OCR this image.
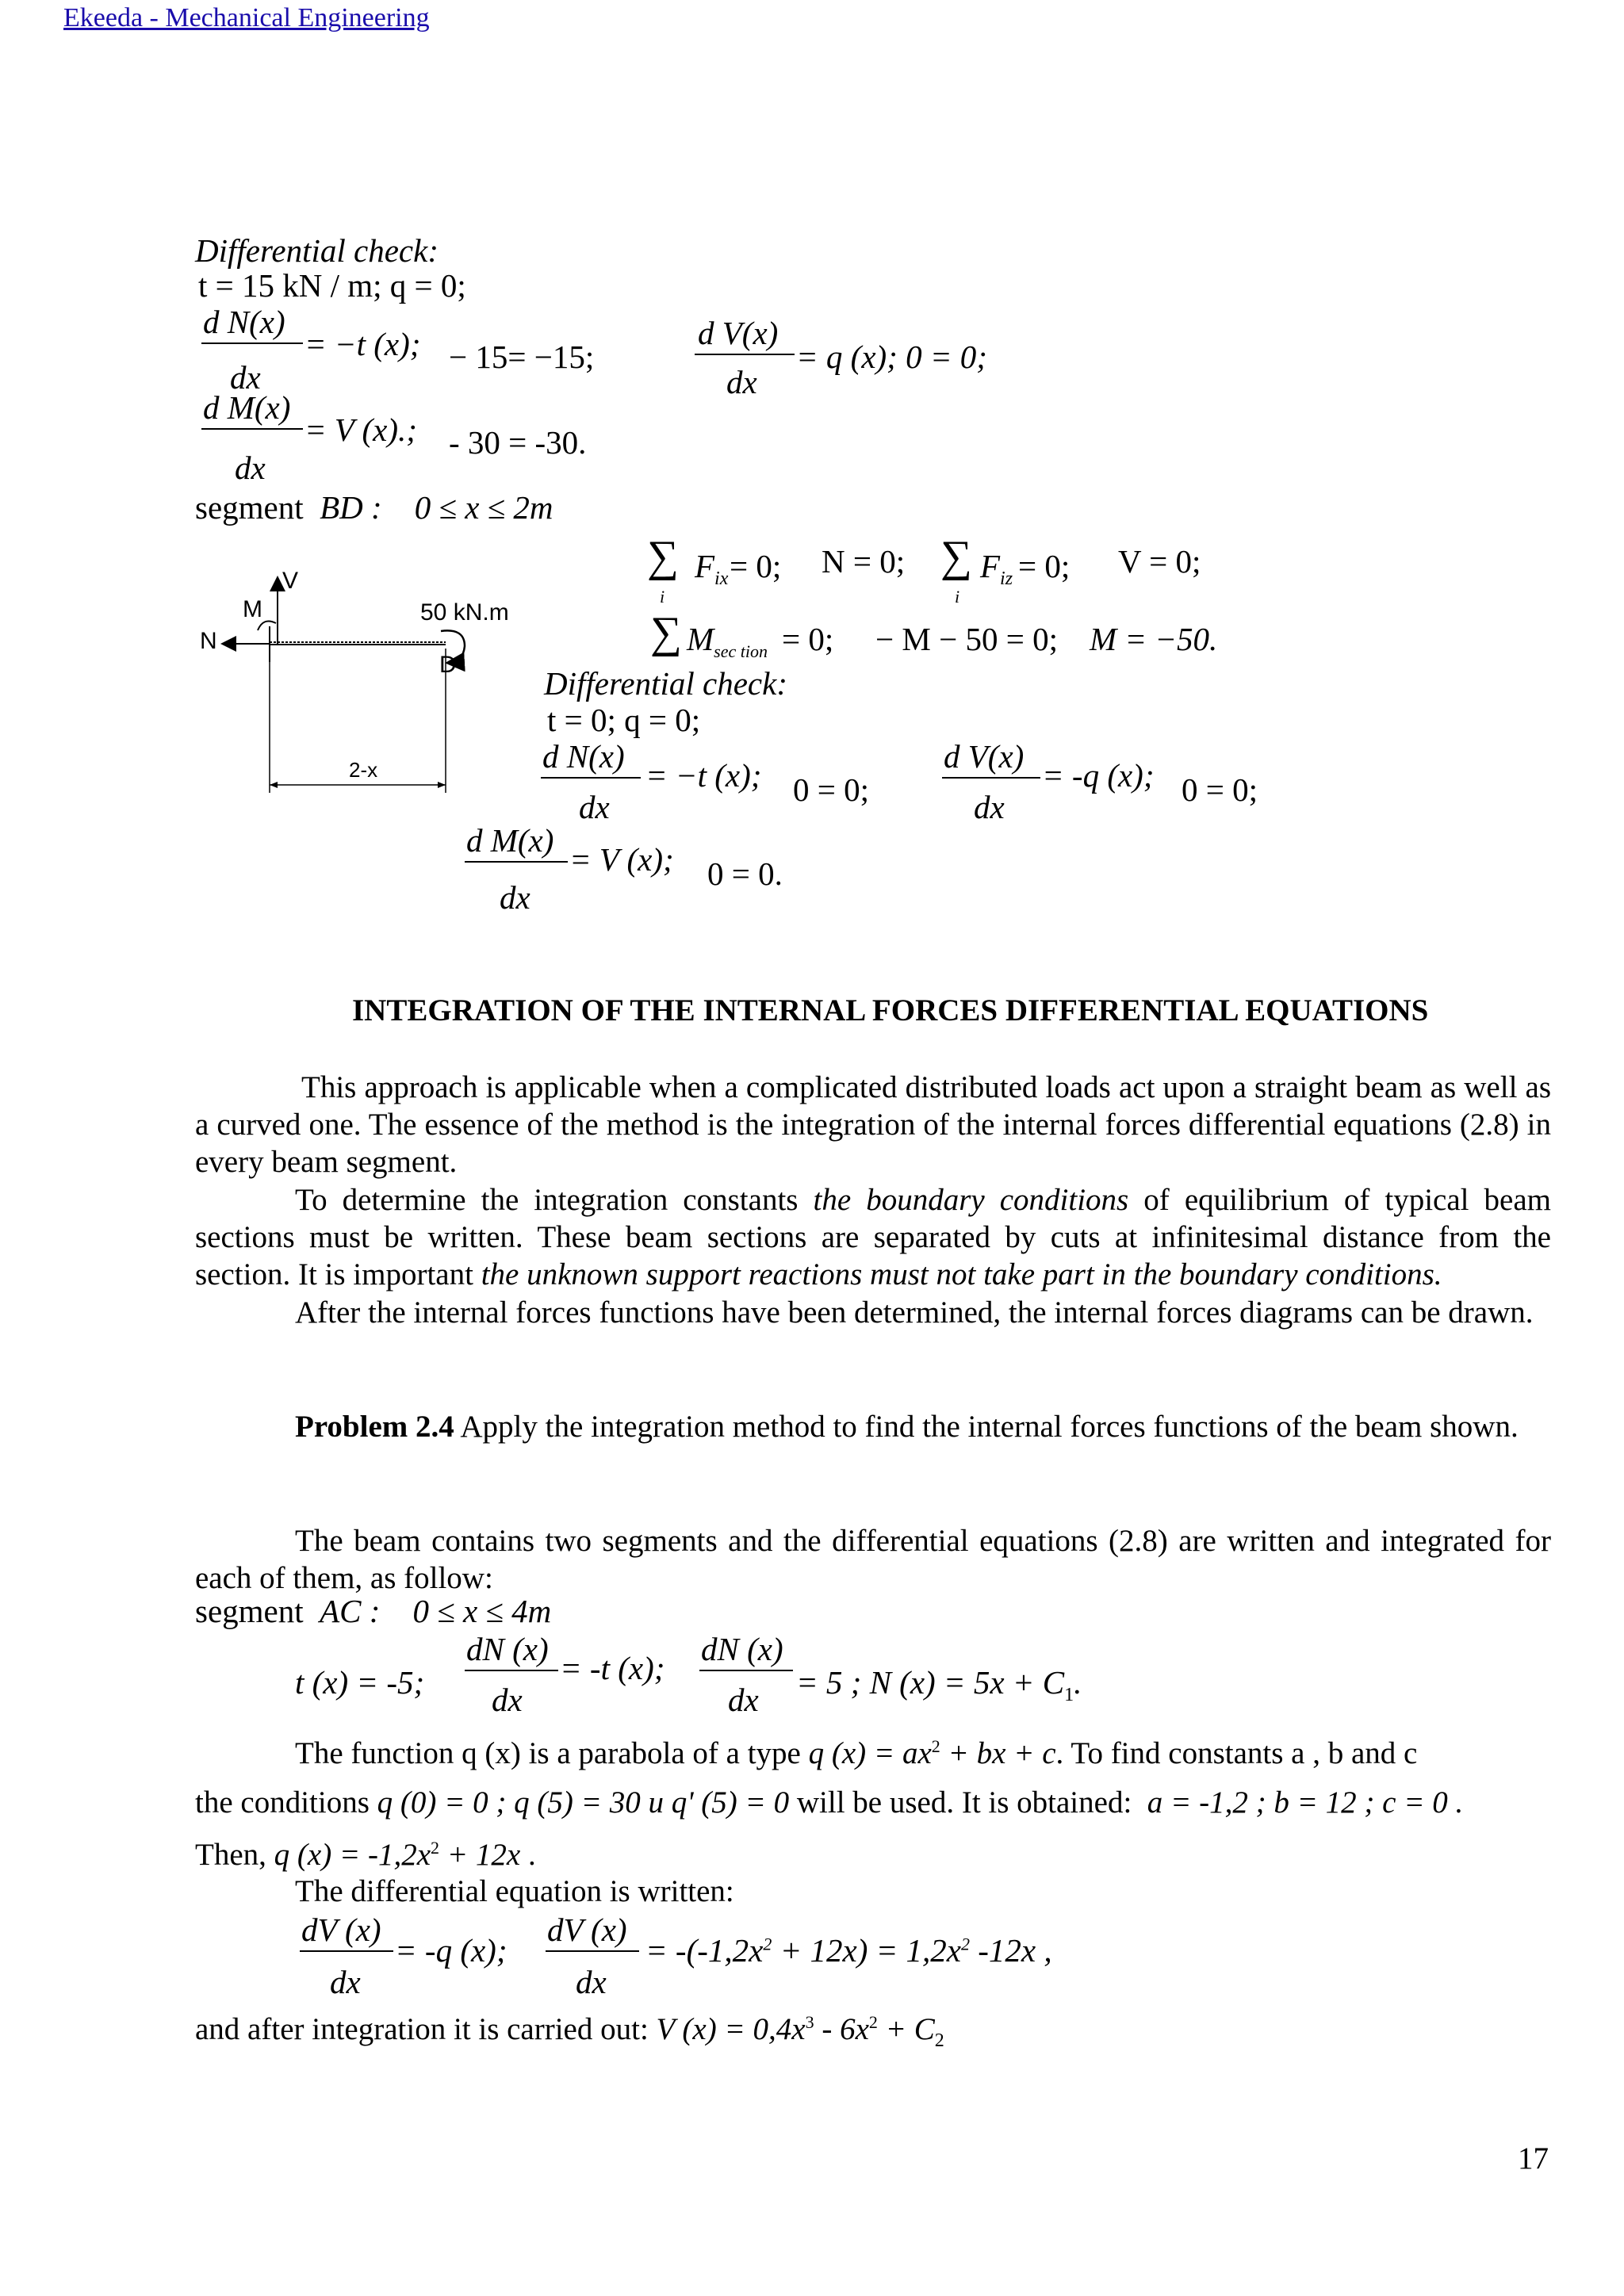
Ekeeda - Mechanical Engineering
Differential check:
t = 15 kN / m; q = 0;
d N(x)
dx
= −t (x); − 15= −15;
d V(x)
dx
= q (x); 0 = 0;
d M(x)
dx
= V (x).; - 30 = -30.
segment BD : 0 ≤ x ≤ 2m
V
M
N
50 kN.m
D
2-x
∑ $F_{ix} = 0$;
i
N = 0; ∑ $F_{iz} = 0$;
i
V = 0;
∑ $M_{sec tion} = 0$; − M − 50 = 0; M = −50.
Differential check:
t = 0; q = 0;
d N(x)
dx
= −t (x); 0 = 0;
d V(x)
dx
= -q (x); 0 = 0;
d M(x)
dx
= V (x); 0 = 0.
INTEGRATION OF THE INTERNAL FORCES DIFFERENTIAL EQUATIONS
This approach is applicable when a complicated distributed loads act upon a straight beam as well as a curved one. The essence of the method is the integration of the internal forces differential equations (2.8) in every beam segment.
To determine the integration constants the boundary conditions of equilibrium of typical beam sections must be written. These beam sections are separated by cuts at infinitesimal distance from the section. It is important the unknown support reactions must not take part in the boundary conditions.
After the internal forces functions have been determined, the internal forces diagrams can be drawn.
Problem 2.4 Apply the integration method to find the internal forces functions of the beam shown.
The beam contains two segments and the differential equations (2.8) are written and integrated for each of them, as follow:
segment AC : 0 ≤ x ≤ 4m
t (x) = -5;
dN (x)
dx
= -t (x);
dN (x)
dx = 5 ; N $(x) = 5x + C_1$.
The function q (x) is a parabola of a type q $(x) = ax^2$ + bx + c. To find constants a , b and c
the conditions q (0) = 0 ; q (5) = 30 и q' (5) = 0 will be used. It is obtained: a = -1,2 ; b = 12 ; c = 0 .
Then, q $(x) = -1,2x^2 + 12x$ .
The differential equation is written:
dV (x)
dx
= -q (x);
dV (x)
dx
= $-(-1,2x^2 + 12x) = 1,2x^2$ -12x ,
and after integration it is carried out: V $(x) = 0,4x^3 - 6x^2 + C_2$
17
